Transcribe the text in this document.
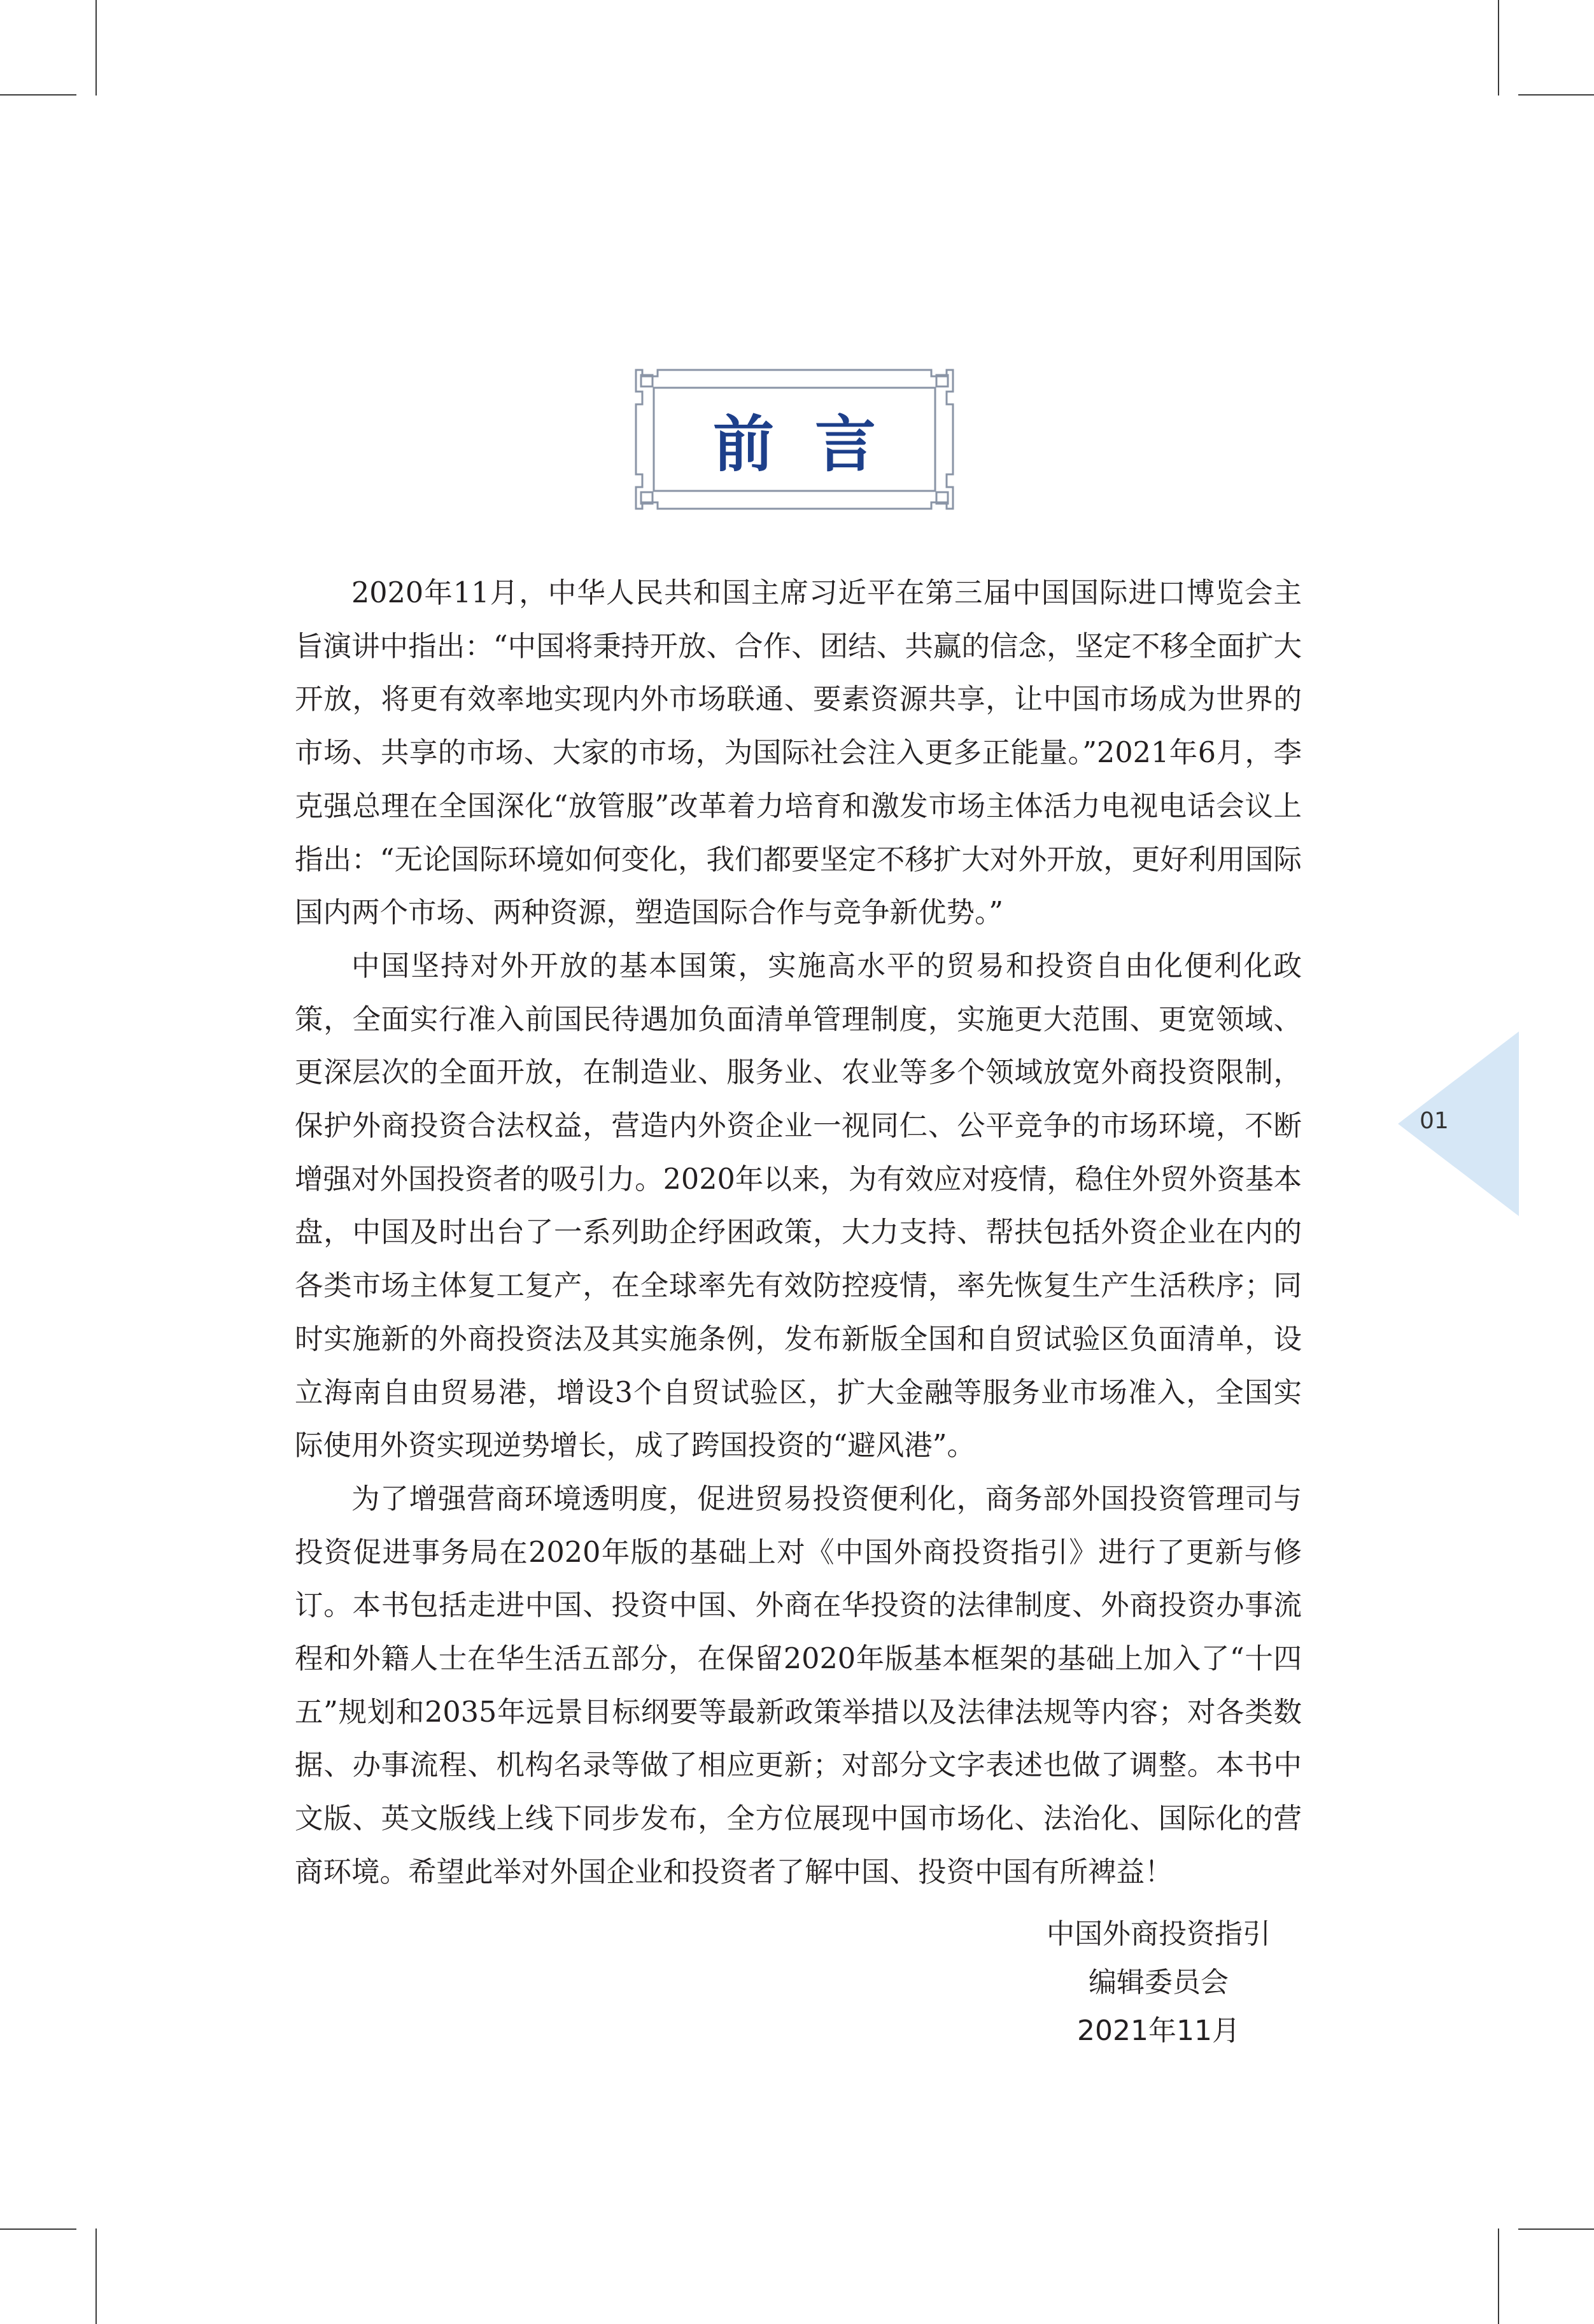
前言

2020年11月，中华人民共和国主席习近平在第三届中国国际进口博览会主旨演讲中指出：“中国将秉持开放、合作、团结、共赢的信念，坚定不移全面扩大开放，将更有效率地实现内外市场联通、要素资源共享，让中国市场成为世界的市场、共享的市场、大家的市场，为国际社会注入更多正能量。”2021年6月，李克强总理在全国深化“放管服”改革着力培育和激发市场主体活力电视电话会议上指出：“无论国际环境如何变化，我们都要坚定不移扩大对外开放，更好利用国际国内两个市场、两种资源，塑造国际合作与竞争新优势。”

中国坚持对外开放的基本国策，实施高水平的贸易和投资自由化便利化政策，全面实行准入前国民待遇加负面清单管理制度，实施更大范围、更宽领域、更深层次的全面开放，在制造业、服务业、农业等多个领域放宽外商投资限制，保护外商投资合法权益，营造内外资企业一视同仁、公平竞争的市场环境，不断增强对外国投资者的吸引力。2020年以来，为有效应对疫情，稳住外贸外资基本盘，中国及时出台了一系列助企纾困政策，大力支持、帮扶包括外资企业在内的各类市场主体复工复产，在全球率先有效防控疫情，率先恢复生产生活秩序；同时实施新的外商投资法及其实施条例，发布新版全国和自贸试验区负面清单，设立海南自由贸易港，增设3个自贸试验区，扩大金融等服务业市场准入，全国实际使用外资实现逆势增长，成了跨国投资的“避风港”。

为了增强营商环境透明度，促进贸易投资便利化，商务部外国投资管理司与投资促进事务局在2020年版的基础上对《中国外商投资指引》进行了更新与修订。本书包括走进中国、投资中国、外商在华投资的法律制度、外商投资办事流程和外籍人士在华生活五部分，在保留2020年版基本框架的基础上加入了“十四五”规划和2035年远景目标纲要等最新政策举措以及法律法规等内容；对各类数据、办事流程、机构名录等做了相应更新；对部分文字表述也做了调整。本书中文版、英文版线上线下同步发布，全方位展现中国市场化、法治化、国际化的营商环境。希望此举对外国企业和投资者了解中国、投资中国有所裨益！

01
中国外商投资指引
编辑委员会
2021年11月
